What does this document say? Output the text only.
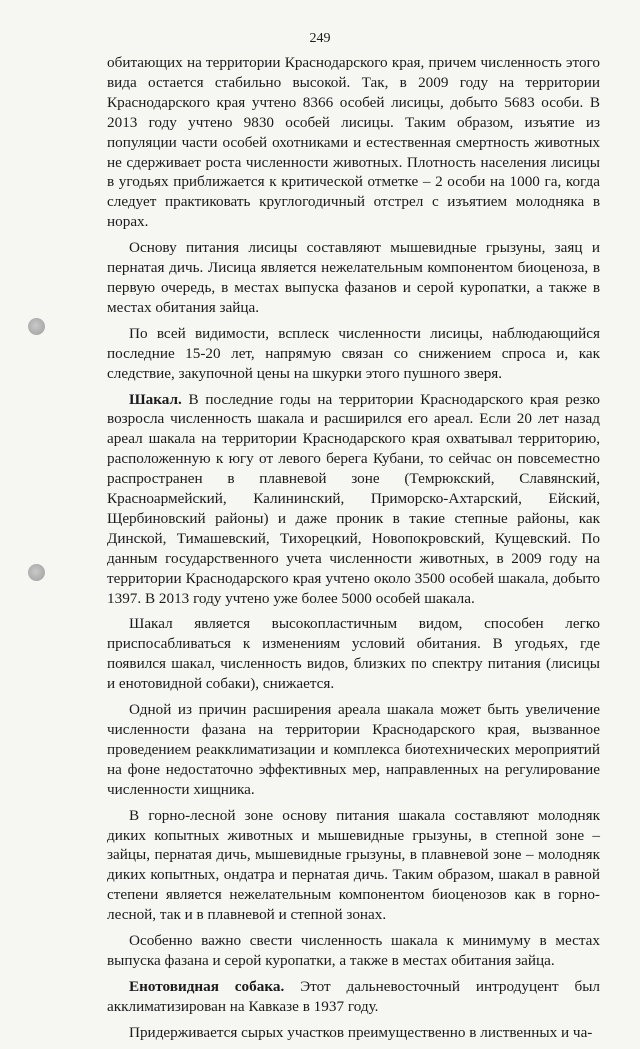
249

обитающих на территории Краснодарского края, причем численность этого вида остается стабильно высокой. Так, в 2009 году на территории Краснодарского края учтено 8366 особей лисицы, добыто 5683 особи. В 2013 году учтено 9830 особей лисицы. Таким образом, изъятие из популяции части особей охотниками и естественная смертность животных не сдерживает роста численности животных. Плотность населения лисицы в угодьях приближается к критической отметке – 2 особи на 1000 га, когда следует практиковать круглогодичный отстрел с изъятием молодняка в норах.

Основу питания лисицы составляют мышевидные грызуны, заяц и пернатая дичь. Лисица является нежелательным компонентом биоценоза, в первую очередь, в местах выпуска фазанов и серой куропатки, а также в местах обитания зайца.

По всей видимости, всплеск численности лисицы, наблюдающийся последние 15-20 лет, напрямую связан со снижением спроса и, как следствие, закупочной цены на шкурки этого пушного зверя.

Шакал. В последние годы на территории Краснодарского края резко возросла численность шакала и расширился его ареал. Если 20 лет назад ареал шакала на территории Краснодарского края охватывал территорию, расположенную к югу от левого берега Кубани, то сейчас он повсеместно распространен в плавневой зоне (Темрюкский, Славянский, Красноармейский, Калининский, Приморско-Ахтарский, Ейский, Щербиновский районы) и даже проник в такие степные районы, как Динской, Тимашевский, Тихорецкий, Новопокровский, Кущевский. По данным государственного учета численности животных, в 2009 году на территории Краснодарского края учтено около 3500 особей шакала, добыто 1397. В 2013 году учтено уже более 5000 особей шакала.

Шакал является высокопластичным видом, способен легко приспосабливаться к изменениям условий обитания. В угодьях, где появился шакал, численность видов, близких по спектру питания (лисицы и енотовидной собаки), снижается.

Одной из причин расширения ареала шакала может быть увеличение численности фазана на территории Краснодарского края, вызванное проведением реакклиматизации и комплекса биотехнических мероприятий на фоне недостаточно эффективных мер, направленных на регулирование численности хищника.

В горно-лесной зоне основу питания шакала составляют молодняк диких копытных животных и мышевидные грызуны, в степной зоне – зайцы, пернатая дичь, мышевидные грызуны, в плавневой зоне – молодняк диких копытных, ондатра и пернатая дичь. Таким образом, шакал в равной степени является нежелательным компонентом биоценозов как в горно-лесной, так и в плавневой и степной зонах.

Особенно важно свести численность шакала к минимуму в местах выпуска фазана и серой куропатки, а также в местах обитания зайца.

Енотовидная собака. Этот дальневосточный интродуцент был акклиматизирован на Кавказе в 1937 году.

Придерживается сырых участков преимущественно в лиственных и ча-
